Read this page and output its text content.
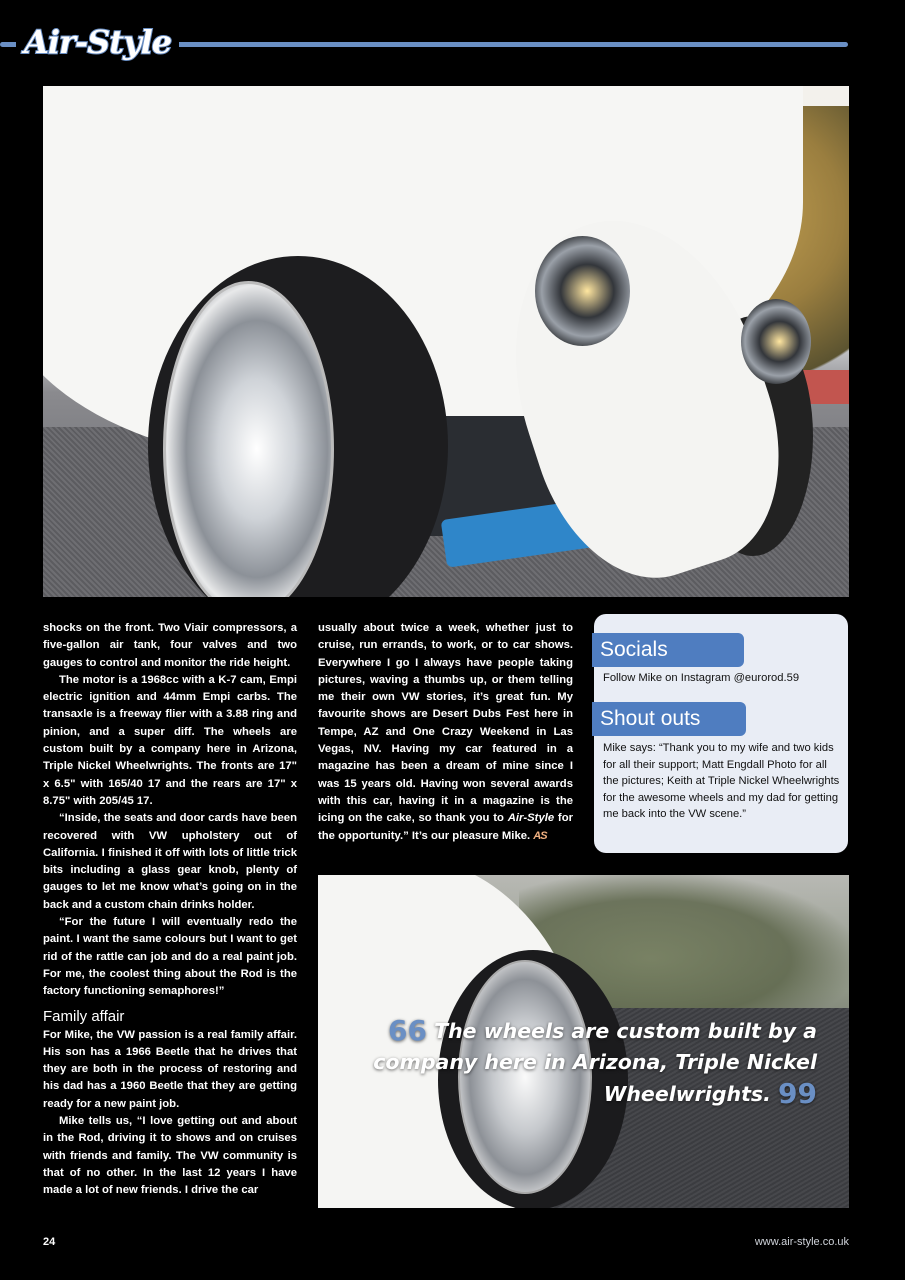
Air-Style

shocks on the front. Two Viair compressors, a five-gallon air tank, four valves and two gauges to control and monitor the ride height.

The motor is a 1968cc with a K-7 cam, Empi electric ignition and 44mm Empi carbs. The transaxle is a freeway flier with a 3.88 ring and pinion, and a super diff. The wheels are custom built by a company here in Arizona, Triple Nickel Wheelwrights. The fronts are 17" x 6.5" with 165/40 17 and the rears are 17" x 8.75" with 205/45 17.

“Inside, the seats and door cards have been recovered with VW upholstery out of California. I finished it off with lots of little trick bits including a glass gear knob, plenty of gauges to let me know what’s going on in the back and a custom chain drinks holder.

“For the future I will eventually redo the paint. I want the same colours but I want to get rid of the rattle can job and do a real paint job. For me, the coolest thing about the Rod is the factory functioning semaphores!”

Family affair

For Mike, the VW passion is a real family affair. His son has a 1966 Beetle that he drives that they are both in the process of restoring and his dad has a 1960 Beetle that they are getting ready for a new paint job.

Mike tells us, “I love getting out and about in the Rod, driving it to shows and on cruises with friends and family. The VW community is that of no other. In the last 12 years I have made a lot of new friends. I drive the car

usually about twice a week, whether just to cruise, run errands, to work, or to car shows. Everywhere I go I always have people taking pictures, waving a thumbs up, or them telling me their own VW stories, it’s great fun. My favourite shows are Desert Dubs Fest here in Tempe, AZ and One Crazy Weekend in Las Vegas, NV. Having my car featured in a magazine has been a dream of mine since I was 15 years old. Having won several awards with this car, having it in a magazine is the icing on the cake, so thank you to Air-Style for the opportunity.” It’s our pleasure Mike. AS

Socials
Follow Mike on Instagram @eurorod.59
Shout outs
Mike says: “Thank you to my wife and two kids for all their support; Matt Engdall Photo for all the pictures; Keith at Triple Nickel Wheelwrights for the awesome wheels and my dad for getting me back into the VW scene.”
66 The wheels are custom built by a company here in Arizona, Triple Nickel Wheelwrights. 99
24	www.air-style.co.uk
